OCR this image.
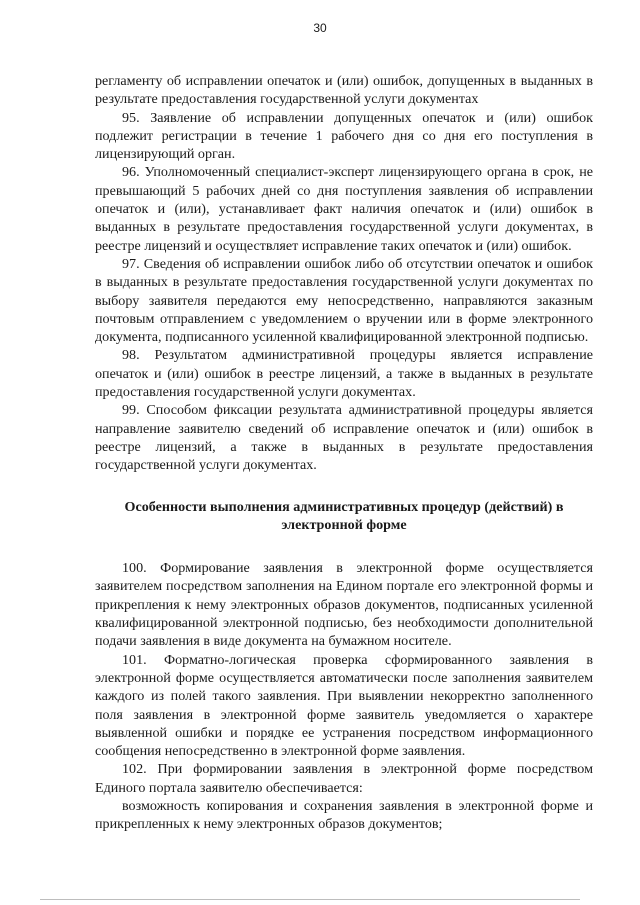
30

регламенту об исправлении опечаток и (или) ошибок, допущенных в выданных в результате предоставления государственной услуги документах

95. Заявление об исправлении допущенных опечаток и (или) ошибок подлежит регистрации в течение 1 рабочего дня со дня его поступления в лицензирующий орган.

96. Уполномоченный специалист-эксперт лицензирующего органа в срок, не превышающий 5 рабочих дней со дня поступления заявления об исправлении опечаток и (или), устанавливает факт наличия опечаток и (или) ошибок в выданных в результате предоставления государственной услуги документах, в реестре лицензий и осуществляет исправление таких опечаток и (или) ошибок.

97. Сведения об исправлении ошибок либо об отсутствии опечаток и ошибок в выданных в результате предоставления государственной услуги документах по выбору заявителя передаются ему непосредственно, направляются заказным почтовым отправлением с уведомлением о вручении или в форме электронного документа, подписанного усиленной квалифицированной электронной подписью.

98. Результатом административной процедуры является исправление опечаток и (или) ошибок в реестре лицензий, а также в выданных в результате предоставления государственной услуги документах.

99. Способом фиксации результата административной процедуры является направление заявителю сведений об исправление опечаток и (или) ошибок в реестре лицензий, а также в выданных в результате предоставления государственной услуги документах.

Особенности выполнения административных процедур (действий) в электронной форме

100. Формирование заявления в электронной форме осуществляется заявителем посредством заполнения на Едином портале его электронной формы и прикрепления к нему электронных образов документов, подписанных усиленной квалифицированной электронной подписью, без необходимости дополнительной подачи заявления в виде документа на бумажном носителе.

101. Форматно-логическая проверка сформированного заявления в электронной форме осуществляется автоматически после заполнения заявителем каждого из полей такого заявления. При выявлении некорректно заполненного поля заявления в электронной форме заявитель уведомляется о характере выявленной ошибки и порядке ее устранения посредством информационного сообщения непосредственно в электронной форме заявления.

102. При формировании заявления в электронной форме посредством Единого портала заявителю обеспечивается:

возможность копирования и сохранения заявления в электронной форме и прикрепленных к нему электронных образов документов;
